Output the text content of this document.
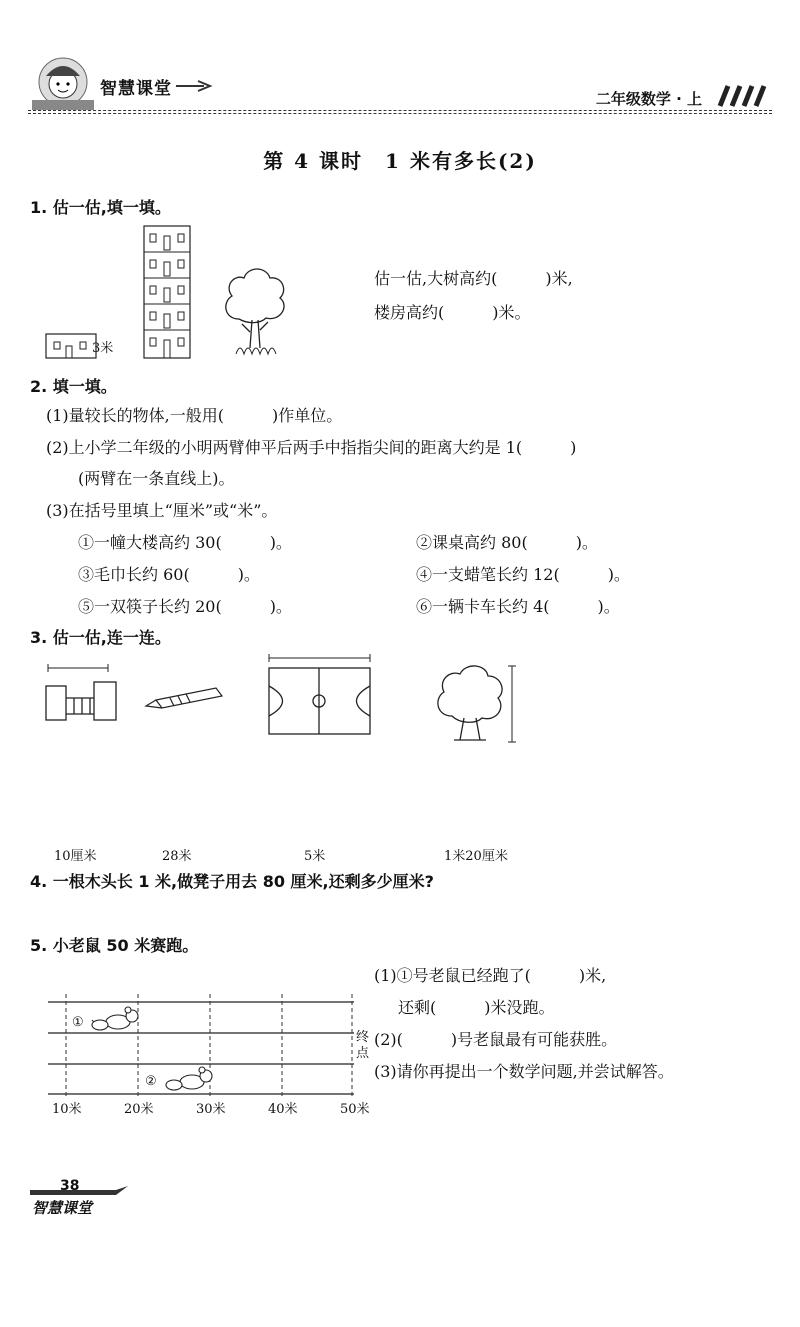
智慧课堂	二年级数学 · 上
第 4 课时　1 米有多长(2)
1. 估一估,填一填。
3米
估一估,大树高约(　　　)米,
楼房高约(　　　)米。
2. 填一填。
(1)量较长的物体,一般用(　　　)作单位。
(2)上小学二年级的小明两臂伸平后两手中指指尖间的距离大约是 1(　　　)
(两臂在一条直线上)。
(3)在括号里填上“厘米”或“米”。
①一幢大楼高约 30(　　　)。	②课桌高约 80(　　　)。
③毛巾长约 60(　　　)。	④一支蜡笔长约 12(　　　)。
⑤一双筷子长约 20(　　　)。	⑥一辆卡车长约 4(　　　)。
3. 估一估,连一连。
10厘米	28米	5米	1米20厘米
4. 一根木头长 1 米,做凳子用去 80 厘米,还剩多少厘米?
5. 小老鼠 50 米赛跑。
①
②
终点
10米	20米	30米	40米	50米
(1)①号老鼠已经跑了(　　　)米,
还剩(　　　)米没跑。
(2)(　　　)号老鼠最有可能获胜。
(3)请你再提出一个数学问题,并尝试解答。
38
智慧课堂
